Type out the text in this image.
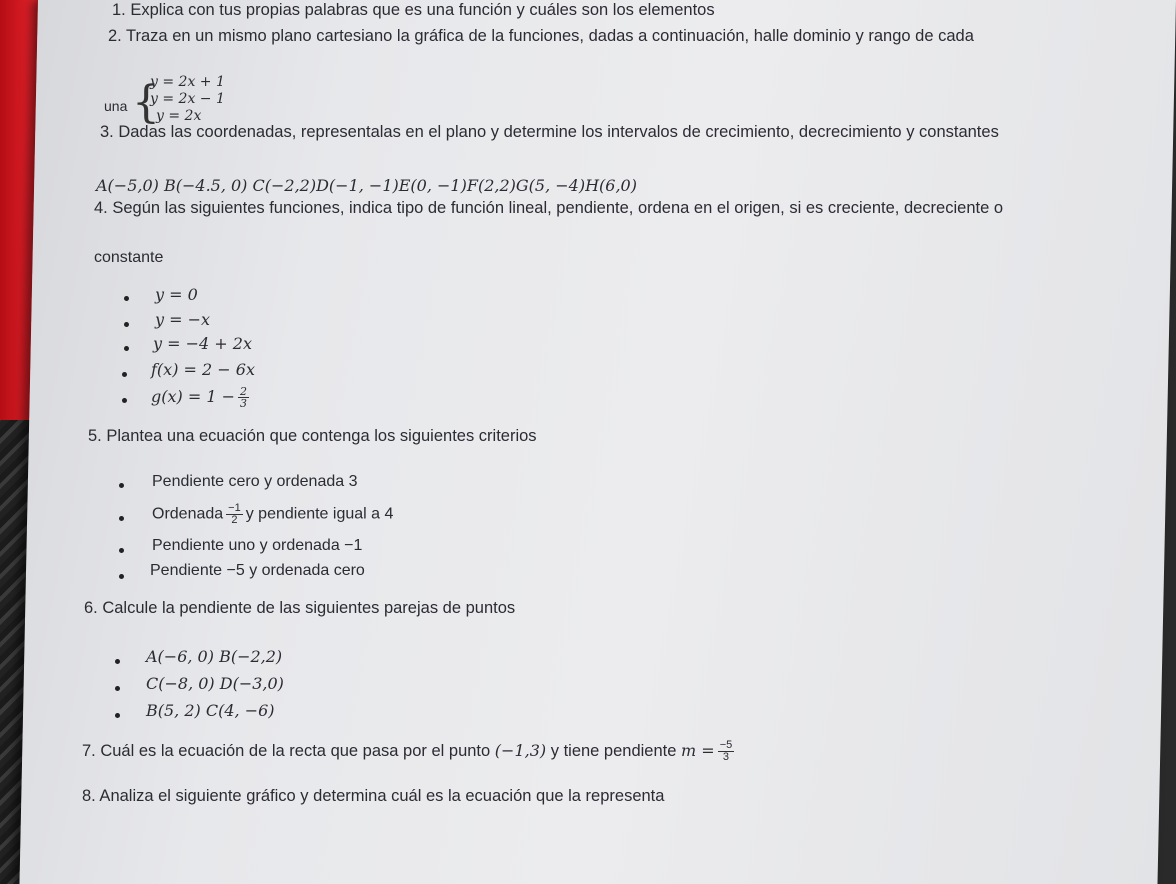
1. Explica con tus propias palabras que es una función y cuáles son los elementos
2. Traza en un mismo plano cartesiano la gráfica de la funciones, dadas a continuación, halle dominio y rango de cada
una {
y = 2x + 1
y = 2x − 1
y = 2x
3. Dadas las coordenadas, representalas en el plano y determine los intervalos de crecimiento, decrecimiento y constantes
A(−5,0) B(−4.5, 0) C(−2,2)D(−1, −1)E(0, −1)F(2,2)G(5, −4)H(6,0)
4. Según las siguientes funciones, indica tipo de función lineal, pendiente, ordena en el origen, si es creciente, decreciente o
constante
y = 0
y = −x
y = −4 + 2x
f(x) = 2 − 6x
$g(x) = 1 - \frac{2}{3}$
5. Plantea una ecuación que contenga los siguientes criterios
Pendiente cero y ordenada 3
Ordenada $\frac{-1}{2}$ y pendiente igual a 4
Pendiente uno y ordenada −1
Pendiente −5 y ordenada cero
6. Calcule la pendiente de las siguientes parejas de puntos
A(−6, 0) B(−2,2)
C(−8, 0) D(−3,0)
B(5, 2) C(4, −6)
7. Cuál es la ecuación de la recta que pasa por el punto (−1,3) y tiene pendiente $m = \frac{-5}{3}$
8. Analiza el siguiente gráfico y determina cuál es la ecuación que la representa
